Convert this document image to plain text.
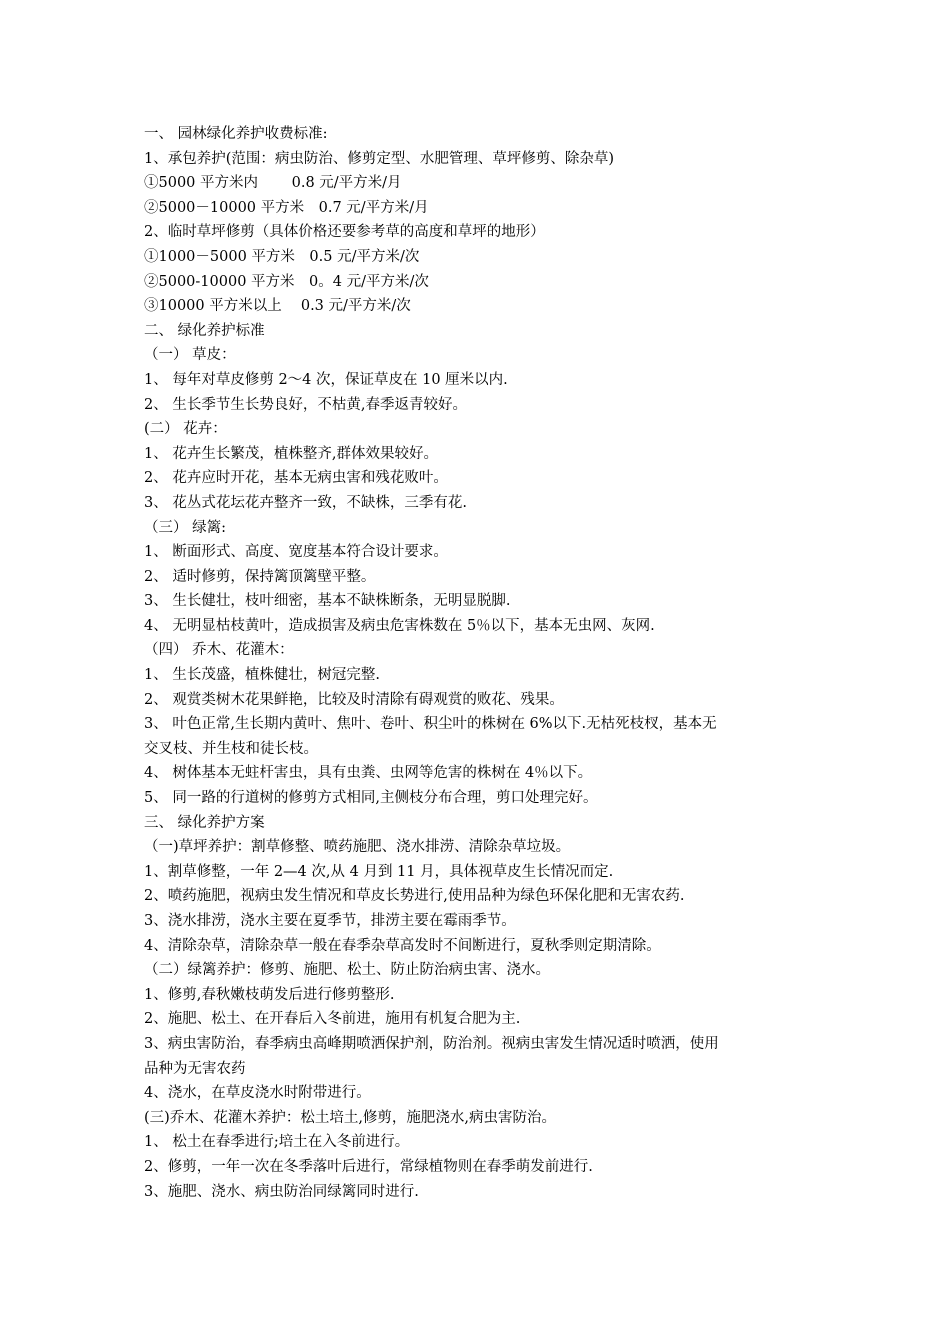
一、 园林绿化养护收费标准:

1、承包养护(范围：病虫防治、修剪定型、水肥管理、草坪修剪、除杂草)

①5000 平方米内　　 0.8 元/平方米/月

②5000－10000 平方米　0.7 元/平方米/月

2、临时草坪修剪（具体价格还要参考草的高度和草坪的地形）

①1000－5000 平方米　0.5 元/平方米/次

②5000-10000 平方米　0。4 元/平方米/次

③10000 平方米以上　 0.3 元/平方米/次

二、 绿化养护标准

（一） 草皮：

1、 每年对草皮修剪 2～4 次，保证草皮在 10 厘米以内.

2、 生长季节生长势良好，不枯黄,春季返青较好。

(二） 花卉：

1、 花卉生长繁茂，植株整齐,群体效果较好。

2、 花卉应时开花，基本无病虫害和残花败叶。

3、 花丛式花坛花卉整齐一致，不缺株，三季有花.

（三） 绿篱:

1、 断面形式、高度、宽度基本符合设计要求。

2、 适时修剪，保持篱顶篱壁平整。

3、 生长健壮，枝叶细密，基本不缺株断条，无明显脱脚.

4、 无明显枯枝黄叶，造成损害及病虫危害株数在 5％以下，基本无虫网、灰网.

（四） 乔木、花灌木：

1、 生长茂盛，植株健壮，树冠完整.

2、 观赏类树木花果鲜艳，比较及时清除有碍观赏的败花、残果。

3、 叶色正常,生长期内黄叶、焦叶、卷叶、积尘叶的株树在 6%以下.无枯死枝杈，基本无

交叉枝、并生枝和徒长枝。

4、 树体基本无蛀杆害虫，具有虫粪、虫网等危害的株树在 4％以下。

5、 同一路的行道树的修剪方式相同,主侧枝分布合理，剪口处理完好。

三、 绿化养护方案

（一)草坪养护：割草修整、喷药施肥、浇水排涝、清除杂草垃圾。

1、割草修整，一年 2—4 次,从 4 月到 11 月，具体视草皮生长情况而定.

2、喷药施肥，视病虫发生情况和草皮长势进行,使用品种为绿色环保化肥和无害农药.

3、浇水排涝，浇水主要在夏季节，排涝主要在霉雨季节。

4、清除杂草，清除杂草一般在春季杂草高发时不间断进行，夏秋季则定期清除。

（二）绿篱养护：修剪、施肥、松土、防止防治病虫害、浇水。

1、修剪,春秋嫩枝萌发后进行修剪整形.

2、施肥、松土、在开春后入冬前进，施用有机复合肥为主.

3、病虫害防治，春季病虫高峰期喷洒保护剂，防治剂。视病虫害发生情况适时喷洒，使用

品种为无害农药

4、浇水，在草皮浇水时附带进行。

(三)乔木、花灌木养护：松土培土,修剪，施肥浇水,病虫害防治。

1、 松土在春季进行;培土在入冬前进行。

2、修剪，一年一次在冬季落叶后进行，常绿植物则在春季萌发前进行.

3、施肥、浇水、病虫防治同绿篱同时进行.
